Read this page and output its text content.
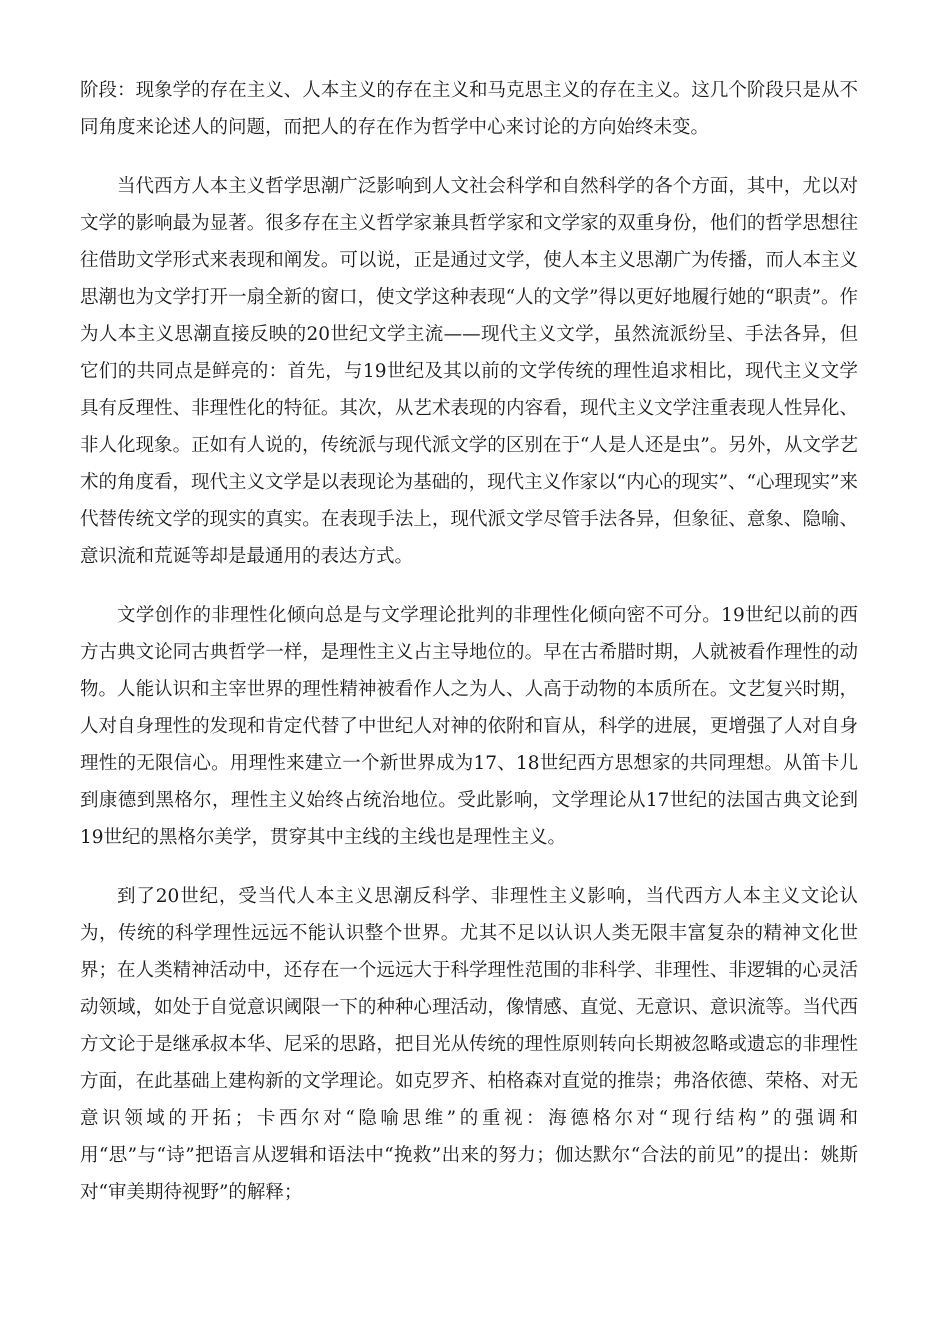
阶段：现象学的存在主义、人本主义的存在主义和马克思主义的存在主义。这几个阶段只是从不同角度来论述人的问题，而把人的存在作为哲学中心来讨论的方向始终未变。

当代西方人本主义哲学思潮广泛影响到人文社会科学和自然科学的各个方面，其中，尤以对文学的影响最为显著。很多存在主义哲学家兼具哲学家和文学家的双重身份，他们的哲学思想往往借助文学形式来表现和阐发。可以说，正是通过文学，使人本主义思潮广为传播，而人本主义思潮也为文学打开一扇全新的窗口，使文学这种表现“人的文学”得以更好地履行她的“职责”。作为人本主义思潮直接反映的20世纪文学主流——现代主义文学，虽然流派纷呈、手法各异，但它们的共同点是鲜亮的：首先，与19世纪及其以前的文学传统的理性追求相比，现代主义文学具有反理性、非理性化的特征。其次，从艺术表现的内容看，现代主义文学注重表现人性异化、非人化现象。正如有人说的，传统派与现代派文学的区别在于“人是人还是虫”。另外，从文学艺术的角度看，现代主义文学是以表现论为基础的，现代主义作家以“内心的现实”、“心理现实”来代替传统文学的现实的真实。在表现手法上，现代派文学尽管手法各异，但象征、意象、隐喻、意识流和荒诞等却是最通用的表达方式。

文学创作的非理性化倾向总是与文学理论批判的非理性化倾向密不可分。19世纪以前的西方古典文论同古典哲学一样，是理性主义占主导地位的。早在古希腊时期，人就被看作理性的动物。人能认识和主宰世界的理性精神被看作人之为人、人高于动物的本质所在。文艺复兴时期，人对自身理性的发现和肯定代替了中世纪人对神的依附和盲从，科学的进展，更增强了人对自身理性的无限信心。用理性来建立一个新世界成为17、18世纪西方思想家的共同理想。从笛卡儿到康德到黑格尔，理性主义始终占统治地位。受此影响，文学理论从17世纪的法国古典文论到19世纪的黑格尔美学，贯穿其中主线的主线也是理性主义。

到了20世纪，受当代人本主义思潮反科学、非理性主义影响，当代西方人本主义文论认为，传统的科学理性远远不能认识整个世界。尤其不足以认识人类无限丰富复杂的精神文化世界；在人类精神活动中，还存在一个远远大于科学理性范围的非科学、非理性、非逻辑的心灵活动领域，如处于自觉意识阈限一下的种种心理活动，像情感、直觉、无意识、意识流等。当代西方文论于是继承叔本华、尼采的思路，把目光从传统的理性原则转向长期被忽略或遗忘的非理性方面，在此基础上建构新的文学理论。如克罗齐、柏格森对直觉的推崇；弗洛依德、荣格、对无意识领域的开拓；卡西尔对“隐喻思维”的重视：海德格尔对“现行结构”的强调和用“思”与“诗”把语言从逻辑和语法中“挽救”出来的努力；伽达默尔“合法的前见”的提出：姚斯对“审美期待视野”的解释；
